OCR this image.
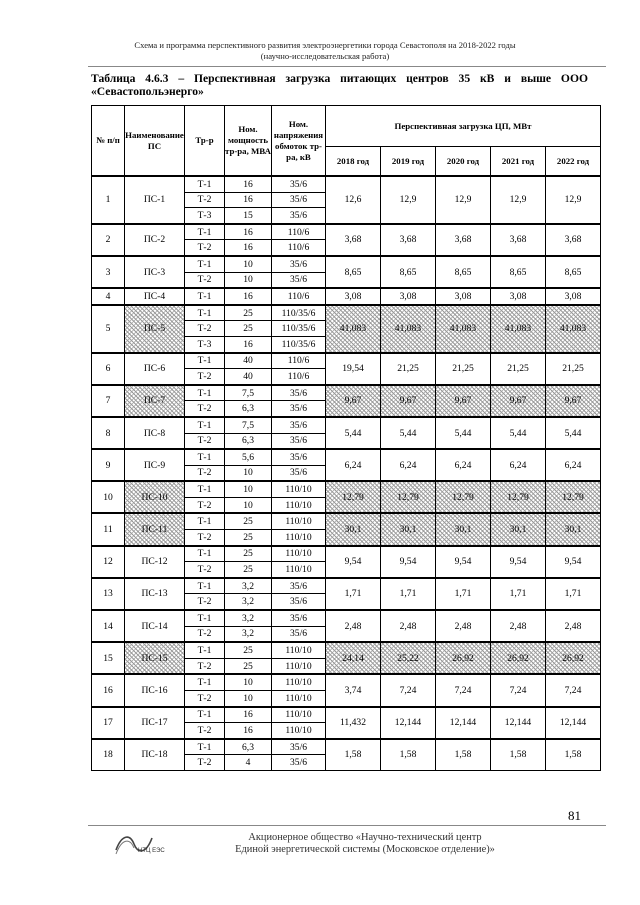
Схема и программа перспективного развития электроэнергетики города Севастополя на 2018-2022 годы
(научно-исследовательская работа)
Таблица 4.6.3 – Перспективная загрузка питающих центров 35 кВ и выше ООО «Севастопольэнерго»
№ п/п	Наименование ПС	Тр-р	Ном. мощность тр-ра, МВА	Ном. напряжения обмоток тр-ра, кВ	Перспективная загрузка ЦП, МВт				
					2018 год	2019 год	2020 год	2021 год	2022 год
1	ПС-1	Т-1	16	35/6	12,6	12,9	12,9	12,9	12,9
		Т-2	16	35/6					
		Т-3	15	35/6					
2	ПС-2	Т-1	16	110/6	3,68	3,68	3,68	3,68	3,68
		Т-2	16	110/6					
3	ПС-3	Т-1	10	35/6	8,65	8,65	8,65	8,65	8,65
		Т-2	10	35/6					
4	ПС-4	Т-1	16	110/6	3,08	3,08	3,08	3,08	3,08
5	ПС-5	Т-1	25	110/35/6	41,083	41,083	41,083	41,083	41,083
		Т-2	25	110/35/6					
		Т-3	16	110/35/6					
6	ПС-6	Т-1	40	110/6	19,54	21,25	21,25	21,25	21,25
		Т-2	40	110/6					
7	ПС-7	Т-1	7,5	35/6	9,67	9,67	9,67	9,67	9,67
		Т-2	6,3	35/6					
8	ПС-8	Т-1	7,5	35/6	5,44	5,44	5,44	5,44	5,44
		Т-2	6,3	35/6					
9	ПС-9	Т-1	5,6	35/6	6,24	6,24	6,24	6,24	6,24
		Т-2	10	35/6					
10	ПС-10	Т-1	10	110/10	12,79	12,79	12,79	12,79	12,79
		Т-2	10	110/10					
11	ПС-11	Т-1	25	110/10	30,1	30,1	30,1	30,1	30,1
		Т-2	25	110/10					
12	ПС-12	Т-1	25	110/10	9,54	9,54	9,54	9,54	9,54
		Т-2	25	110/10					
13	ПС-13	Т-1	3,2	35/6	1,71	1,71	1,71	1,71	1,71
		Т-2	3,2	35/6					
14	ПС-14	Т-1	3,2	35/6	2,48	2,48	2,48	2,48	2,48
		Т-2	3,2	35/6					
15	ПС-15	Т-1	25	110/10	24,14	25,22	26,92	26,92	26,92
		Т-2	25	110/10					
16	ПС-16	Т-1	10	110/10	3,74	7,24	7,24	7,24	7,24
		Т-2	10	110/10					
17	ПС-17	Т-1	16	110/10	11,432	12,144	12,144	12,144	12,144
		Т-2	16	110/10					
18	ПС-18	Т-1	6,3	35/6	1,58	1,58	1,58	1,58	1,58
		Т-2	4	35/6					
81
НТЦ ЕЭС
Акционерное общество «Научно-технический центр
Единой энергетической системы (Московское отделение)»
